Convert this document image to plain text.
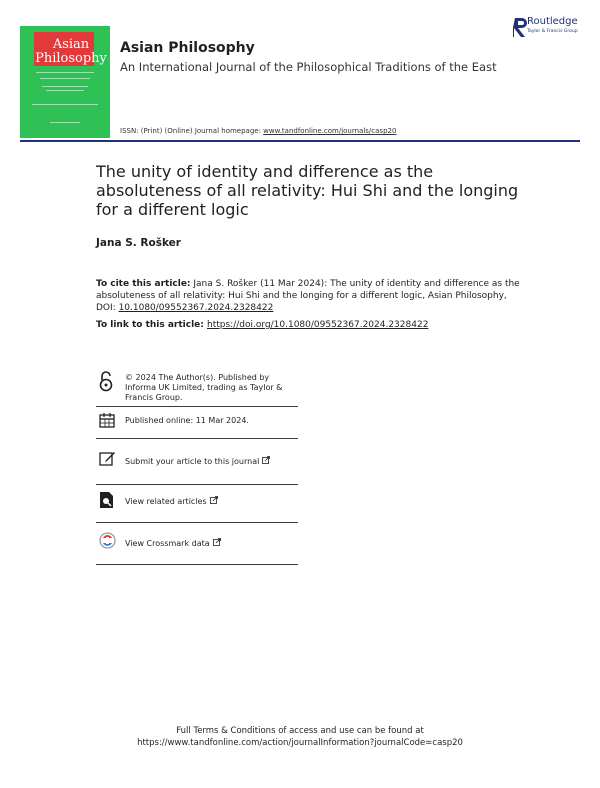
Asian Philosophy
Asian Philosophy
An International Journal of the Philosophical Traditions of the East
ISSN: (Print) (Online) Journal homepage: www.tandfonline.com/journals/casp20
Routledge
Taylor & Francis Group
The unity of identity and difference as the absoluteness of all relativity: Hui Shi and the longing for a different logic
Jana S. Rošker
To cite this article: Jana S. Rošker (11 Mar 2024): The unity of identity and difference as the absoluteness of all relativity: Hui Shi and the longing for a different logic, Asian Philosophy, DOI: 10.1080/09552367.2024.2328422
To link to this article: https://doi.org/10.1080/09552367.2024.2328422
© 2024 The Author(s). Published by Informa UK Limited, trading as Taylor & Francis Group.
Published online: 11 Mar 2024.
Submit your article to this journal
View related articles
View Crossmark data
Full Terms & Conditions of access and use can be found at
https://www.tandfonline.com/action/journalInformation?journalCode=casp20
